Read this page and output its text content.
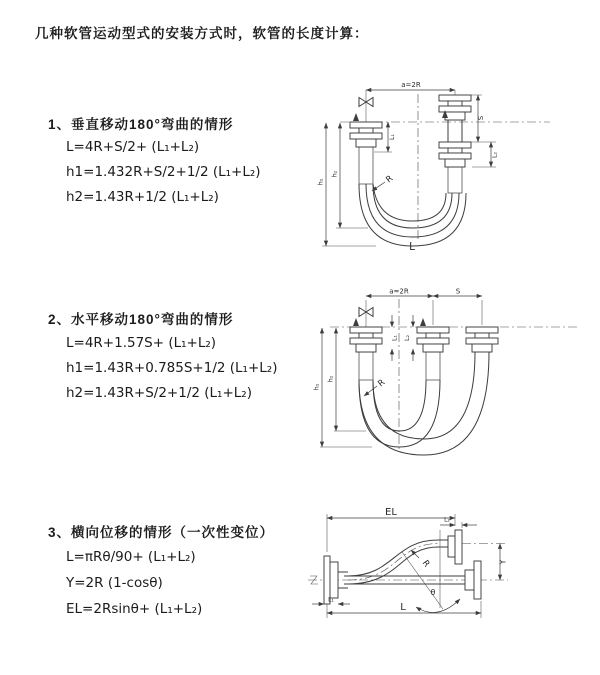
几种软管运动型式的安装方式时，软管的长度计算：
1、垂直移动180°弯曲的情形
L=4R+S/2+ (L₁+L₂)
h1=1.432R+S/2+1/2 (L₁+L₂)
h2=1.43R+1/2 (L₁+L₂)
2、水平移动180°弯曲的情形
L=4R+1.57S+ (L₁+L₂)
h1=1.43R+0.785S+1/2 (L₁+L₂)
h2=1.43R+S/2+1/2 (L₁+L₂)
3、横向位移的情形（一次性变位）
L=πRθ/90+ (L₁+L₂)
Y=2R (1-cosθ)
EL=2Rsinθ+ (L₁+L₂)
a=2R
L₁
S
L₂
h₁
h₂	R
L
a=2R	S
L₁ L₂
h₁
h₂	R
θ
EL
L₂
Y
L
L₁
R
